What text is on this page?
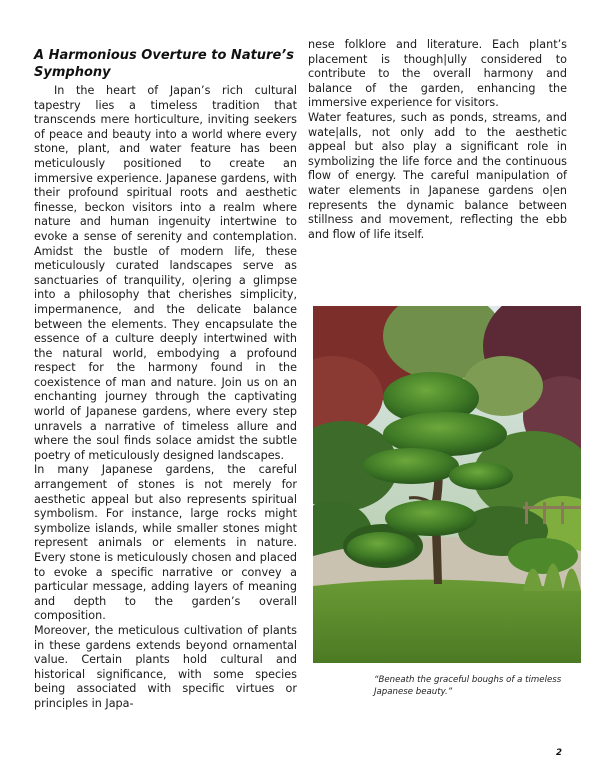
A Harmonious Overture to Nature’s Symphony

In the heart of Japan’s rich cultural tapestry lies a timeless tradition that transcends mere horticulture, inviting seekers of peace and beauty into a world where every stone, plant, and water feature has been meticulously positioned to create an immersive experience. Japanese gardens, with their profound spiritual roots and aesthetic finesse, beckon visitors into a realm where nature and human ingenuity intertwine to evoke a sense of serenity and contemplation. Amidst the bustle of modern life, these meticulously curated landscapes serve as sanctuaries of tranquility, o|ering a glimpse into a philosophy that cherishes simplicity, impermanence, and the delicate balance between the elements. They encapsulate the essence of a culture deeply intertwined with the natural world, embodying a profound respect for the harmony found in the coexistence of man and nature. Join us on an enchanting journey through the captivating world of Japanese gardens, where every step unravels a narrative of timeless allure and where the soul finds solace amidst the subtle poetry of meticulously designed landscapes.

In many Japanese gardens, the careful arrangement of stones is not merely for aesthetic appeal but also represents spiritual symbolism. For instance, large rocks might symbolize islands, while smaller stones might represent animals or elements in nature. Every stone is meticulously chosen and placed to evoke a specific narrative or convey a particular message, adding layers of meaning and depth to the garden’s overall composition.

Moreover, the meticulous cultivation of plants in these gardens extends beyond ornamental value. Certain plants hold cultural and historical significance, with some species being associated with specific virtues or principles in Japa-

nese folklore and literature. Each plant’s placement is though|ully considered to contribute to the overall harmony and balance of the garden, enhancing the immersive experience for visitors.

Water features, such as ponds, streams, and wate|alls, not only add to the aesthetic appeal but also play a significant role in symbolizing the life force and the continuous flow of energy. The careful manipulation of water elements in Japanese gardens o|en represents the dynamic balance between stillness and movement, reflecting the ebb and flow of life itself.

“Beneath the graceful boughs of a timeless Japanese beauty.”
2
